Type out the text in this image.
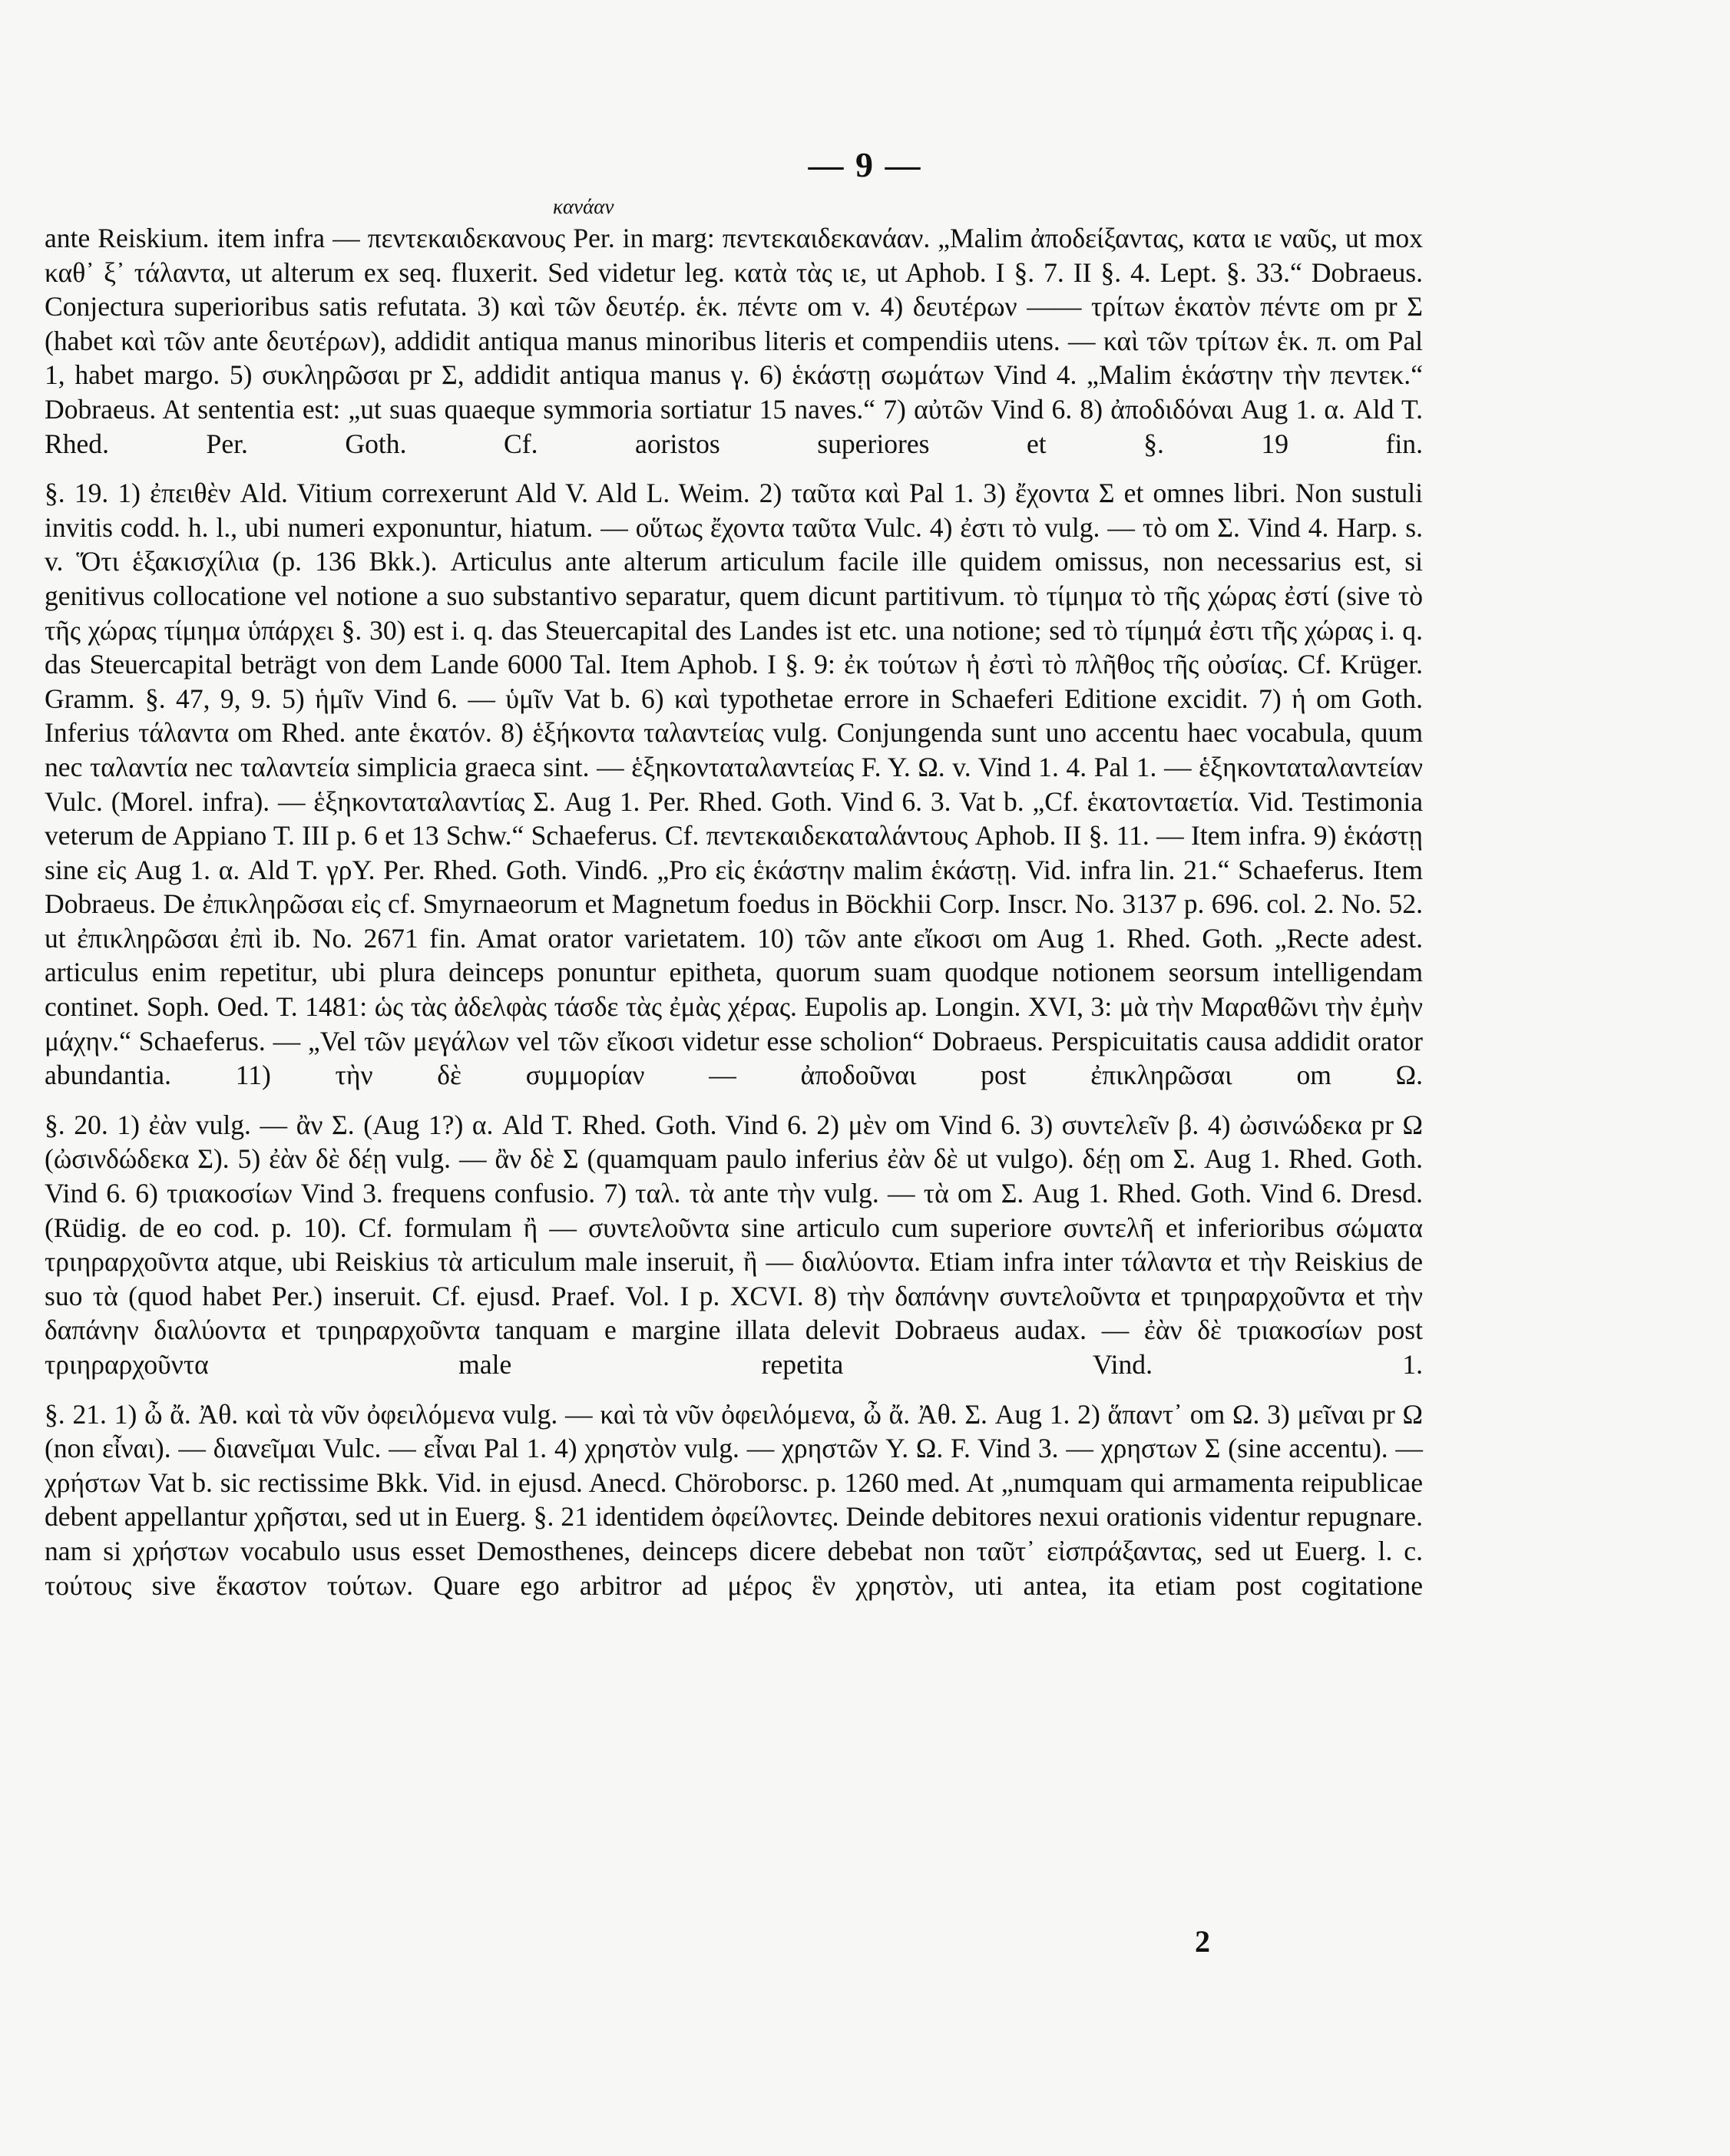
— 9 —
κανάαν

ante Reiskium. item infra — πεντεκαιδεκανους Per. in marg: πεντεκαιδεκανάαν. „Malim ἀποδείξαντας, κατα ιε ναῦς, ut mox καθ᾽ ξ᾽ τάλαντα, ut alterum ex seq. fluxerit. Sed videtur leg. κατὰ τὰς ιε, ut Aphob. I §. 7. II §. 4. Lept. §. 33.“ Dobraeus. Conjectura superioribus satis refutata. 3) καὶ τῶν δευτέρ. ἑκ. πέντε om v. 4) δευτέρων —— τρίτων ἑκατὸν πέντε om pr Σ (habet καὶ τῶν ante δευτέρων), addidit antiqua manus minoribus literis et compendiis utens. — καὶ τῶν τρίτων ἑκ. π. om Pal 1, habet margo. 5) συκληρῶσαι pr Σ, addidit antiqua manus γ. 6) ἑκάστῃ σωμάτων Vind 4. „Malim ἑκάστην τὴν πεντεκ.“ Dobraeus. At sententia est: „ut suas quaeque symmoria sortiatur 15 naves.“ 7) αὐτῶν Vind 6. 8) ἀποδιδόναι Aug 1. α. Ald T. Rhed. Per. Goth. Cf. aoristos superiores et §. 19 fin.

§. 19. 1) ἐπειθὲν Ald. Vitium correxerunt Ald V. Ald L. Weim. 2) ταῦτα καὶ Pal 1. 3) ἔχοντα Σ et omnes libri. Non sustuli invitis codd. h. l., ubi numeri exponuntur, hiatum. — οὕτως ἔχοντα ταῦτα Vulc. 4) ἐστι τὸ vulg. — τὸ om Σ. Vind 4. Harp. s. v. Ὅτι ἑξακισχίλια (p. 136 Bkk.). Articulus ante alterum articulum facile ille quidem omissus, non necessarius est, si genitivus collocatione vel notione a suo substantivo separatur, quem dicunt partitivum. τὸ τίμημα τὸ τῆς χώρας ἐστί (sive τὸ τῆς χώρας τίμημα ὑπάρχει §. 30) est i. q. das Steuercapital des Landes ist etc. una notione; sed τὸ τίμημά ἐστι τῆς χώρας i. q. das Steuercapital beträgt von dem Lande 6000 Tal. Item Aphob. I §. 9: ἐκ τούτων ἡ ἐστὶ τὸ πλῆθος τῆς οὐσίας. Cf. Krüger. Gramm. §. 47, 9, 9. 5) ἡμῖν Vind 6. — ὑμῖν Vat b. 6) καὶ typothetae errore in Schaeferi Editione excidit. 7) ἡ om Goth. Inferius τάλαντα om Rhed. ante ἑκατόν. 8) ἑξήκοντα ταλαντείας vulg. Conjungenda sunt uno accentu haec vocabula, quum nec ταλαντία nec ταλαντεία simplicia graeca sint. — ἑξηκονταταλαντείας F. Y. Ω. v. Vind 1. 4. Pal 1. — ἑξηκονταταλαντείαν Vulc. (Morel. infra). — ἑξηκονταταλαντίας Σ. Aug 1. Per. Rhed. Goth. Vind 6. 3. Vat b. „Cf. ἑκατονταετία. Vid. Testimonia veterum de Appiano T. III p. 6 et 13 Schw.“ Schaeferus. Cf. πεντεκαιδεκαταλάντους Aphob. II §. 11. — Item infra. 9) ἑκάστῃ sine εἰς Aug 1. α. Ald T. γρY. Per. Rhed. Goth. Vind6. „Pro εἰς ἑκάστην malim ἑκάστῃ. Vid. infra lin. 21.“ Schaeferus. Item Dobraeus. De ἐπικληρῶσαι εἰς cf. Smyrnaeorum et Magnetum foedus in Böckhii Corp. Inscr. No. 3137 p. 696. col. 2. No. 52. ut ἐπικληρῶσαι ἐπὶ ib. No. 2671 fin. Amat orator varietatem. 10) τῶν ante εἴκοσι om Aug 1. Rhed. Goth. „Recte adest. articulus enim repetitur, ubi plura deinceps ponuntur epitheta, quorum suam quodque notionem seorsum intelligendam continet. Soph. Oed. T. 1481: ὡς τὰς ἀδελφὰς τάσδε τὰς ἐμὰς χέρας. Eupolis ap. Longin. XVI, 3: μὰ τὴν Μαραθῶνι τὴν ἐμὴν μάχην.“ Schaeferus. — „Vel τῶν μεγάλων vel τῶν εἴκοσι videtur esse scholion“ Dobraeus. Perspicuitatis causa addidit orator abundantia. 11) τὴν δὲ συμμορίαν — ἀποδοῦναι post ἐπικληρῶσαι om Ω.

§. 20. 1) ἐὰν vulg. — ἂν Σ. (Aug 1?) α. Ald T. Rhed. Goth. Vind 6. 2) μὲν om Vind 6. 3) συντελεῖν β. 4) ὠσινώδεκα pr Ω (ὠσινδώδεκα Σ). 5) ἐὰν δὲ δέῃ vulg. — ἂν δὲ Σ (quamquam paulo inferius ἐὰν δὲ ut vulgo). δέῃ om Σ. Aug 1. Rhed. Goth. Vind 6. 6) τριακοσίων Vind 3. frequens confusio. 7) ταλ. τὰ ante τὴν vulg. — τὰ om Σ. Aug 1. Rhed. Goth. Vind 6. Dresd. (Rüdig. de eo cod. p. 10). Cf. formulam ἢ — συντελοῦντα sine articulo cum superiore συντελῆ et inferioribus σώματα τριηραρχοῦντα atque, ubi Reiskius τὰ articulum male inseruit, ἢ — διαλύοντα. Etiam infra inter τάλαντα et τὴν Reiskius de suo τὰ (quod habet Per.) inseruit. Cf. ejusd. Praef. Vol. I p. XCVI. 8) τὴν δαπάνην συντελοῦντα et τριηραρχοῦντα et τὴν δαπάνην διαλύοντα et τριηραρχοῦντα tanquam e margine illata delevit Dobraeus audax. — ἐὰν δὲ τριακοσίων post τριηραρχοῦντα male repetita Vind. 1.

§. 21. 1) ὦ ἄ. Ἀθ. καὶ τὰ νῦν ὀφειλόμενα vulg. — καὶ τὰ νῦν ὀφειλόμενα, ὦ ἄ. Ἀθ. Σ. Aug 1. 2) ἅπαντ᾽ om Ω. 3) μεῖναι pr Ω (non εἶναι). — διανεῖμαι Vulc. — εἶναι Pal 1. 4) χρηστὸν vulg. — χρηστῶν Y. Ω. F. Vind 3. — χρηστων Σ (sine accentu). — χρήστων Vat b. sic rectissime Bkk. Vid. in ejusd. Anecd. Chöroborsc. p. 1260 med. At „numquam qui armamenta reipublicae debent appellantur χρῆσται, sed ut in Euerg. §. 21 identidem ὀφείλοντες. Deinde debitores nexui orationis videntur repugnare. nam si χρήστων vocabulo usus esset Demosthenes, deinceps dicere debebat non ταῦτ᾽ εἰσπράξαντας, sed ut Euerg. l. c. τούτους sive ἕκαστον τούτων. Quare ego arbitror ad μέρος ἓν χρηστὸν, uti antea, ita etiam post cogitatione

2
